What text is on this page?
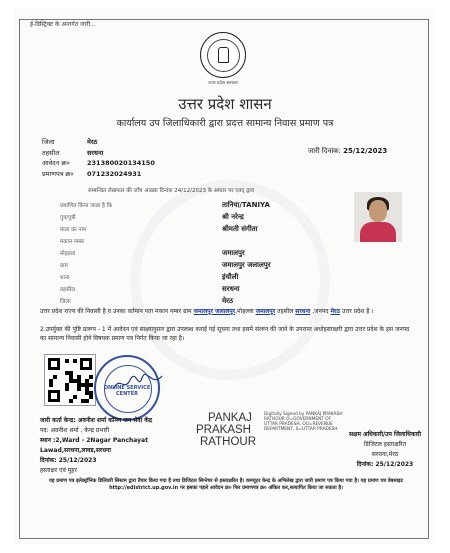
ई-डिस्ट्रिक्ट के अन्तर्गत जारी...
उत्तर प्रदेश सरकार
उत्तर प्रदेश शासन
कार्यालय उप जिलाधिकारी द्वारा प्रदत्त सामान्य निवास प्रमाण पत्र
जिला	मेरठ
तहसील	सरधना
आवेदन क्र०	231380020134150
प्रमाणपत्र क्र०	071232024931
जारी दिनांक: 25/12/2023
सम्बन्धित लेखपाल की जाँच आख्या दिनांक 24/12/2023 के आधार पर एतद् द्वारा
प्रमाणित किया जाता है कि	तानिया/TANIYA
पुत्र/पुत्री	श्री नरेन्द्र
माता का नाम	श्रीमती संगीता
मकान नम्बर
मोहल्ला	जमालपुर
ग्राम	जमालपुर जलालपुर
थाना	इंचौली
तहसील	सरधना
जिला	मेरठ
उत्तर प्रदेश राज्य की निवासी है व उनका वर्तमान पता मकान नम्बर ग्राम जमालपुर जलालपुर,मोहल्ला जमालपुर तहसील सरधना ,जनपद मेरठ उत्तर प्रदेश है ।
2.उपर्युक्त की पुष्टि प्रारूप - 1 में आवेदन एवं साक्ष्यानुसार द्वारा उपलब्ध कराई गई सूचना तथा इसमें संलग्न की जाने के उपरान्त अधोहस्ताक्षरी द्वारा उत्तर प्रदेश के इस जनपद का सामान्य निवासी होने विषयक प्रमाण पत्र निर्गत किया जा रहा है।
ONLINE SERVICE CENTER
जारी कर्ता केन्द्र: अवनीश शर्मा कॉमन जन सेवा केंद्र
पद: अवनीश शर्मा , केन्द्र प्रभारी
स्थान :2,Ward - 2Nagar Panchayat
Lawad,सरधना,लावड,सरधना
दिनांक: 25/12/2023
हस्ताक्षर एवं मुहर
PANKAJ
PRAKASH
RATHOUR
Digitally Signed by PANKAJ PRAKASH RATHOUR O=GOVERNMENT OF UTTAR PRADESH, OU=REVENUE DEPARTMENT, S=UTTAR PRADESH
सक्षम अधिकारी/उप जिलाधिकारी
डिजिटल हस्ताक्षरित
सरधना,मेरठ
दिनांक: 25/12/2023
यह प्रमाण पत्र इलेक्ट्रॉनिक डिलिवरी सिस्टम द्वारा तैयार किया गया है तथा डिजिटल सिग्नेचर से हस्ताक्षरित है। कम्प्यूटर केन्द्र के अभिलेख द्वारा जारी प्रमाण पत्र किया गया है। यह प्रमाण पत्र वेबसाइट http://edistrict.up.gov.in पर इसका पहले आवेदन क्र० फिर प्रमाणपत्र क्र० अंकित कर,सत्यापित किया जा सकता है।
